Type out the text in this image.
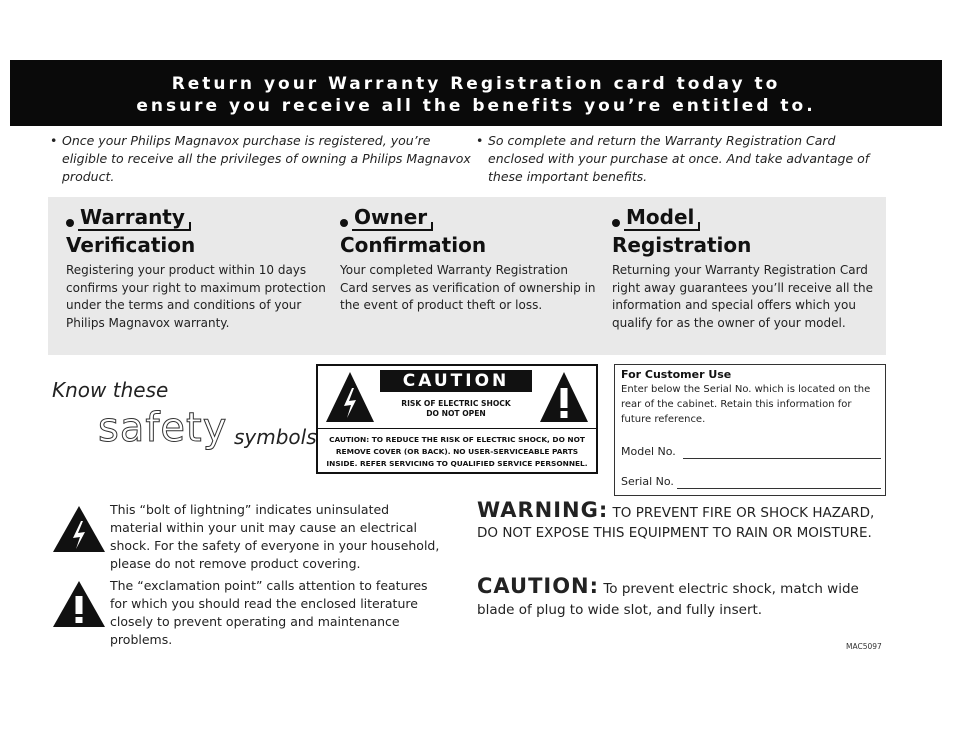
Return your Warranty Registration card today to
ensure you receive all the benefits you’re entitled to.
• Once your Philips Magnavox purchase is registered, you’re eligible to receive all the privileges of owning a Philips Magnavox product.
• So complete and return the Warranty Registration Card enclosed with your purchase at once. And take advantage of these important benefits.
Warranty
Verification
Registering your product within 10 days confirms your right to maximum protection under the terms and conditions of your Philips Magnavox warranty.
Owner
Confirmation
Your completed Warranty Registration Card serves as verification of ownership in the event of product theft or loss.
Model
Registration
Returning your Warranty Registration Card right away guarantees you’ll receive all the information and special offers which you qualify for as the owner of your model.
Know these
safety symbols
CAUTION
RISK OF ELECTRIC SHOCK
DO NOT OPEN
CAUTION: TO REDUCE THE RISK OF ELECTRIC SHOCK, DO NOT REMOVE COVER (OR BACK). NO USER-SERVICEABLE PARTS INSIDE. REFER SERVICING TO QUALIFIED SERVICE PERSONNEL.
For Customer Use
Enter below the Serial No. which is located on the rear of the cabinet. Retain this information for future reference.
Model No.
Serial No.
This “bolt of lightning” indicates uninsulated material within your unit may cause an electrical shock. For the safety of everyone in your household, please do not remove product covering.
The “exclamation point” calls attention to features for which you should read the enclosed literature closely to prevent operating and maintenance problems.
WARNING: TO PREVENT FIRE OR SHOCK HAZARD, DO NOT EXPOSE THIS EQUIPMENT TO RAIN OR MOISTURE.
CAUTION: To prevent electric shock, match wide blade of plug to wide slot, and fully insert.
MAC5097
